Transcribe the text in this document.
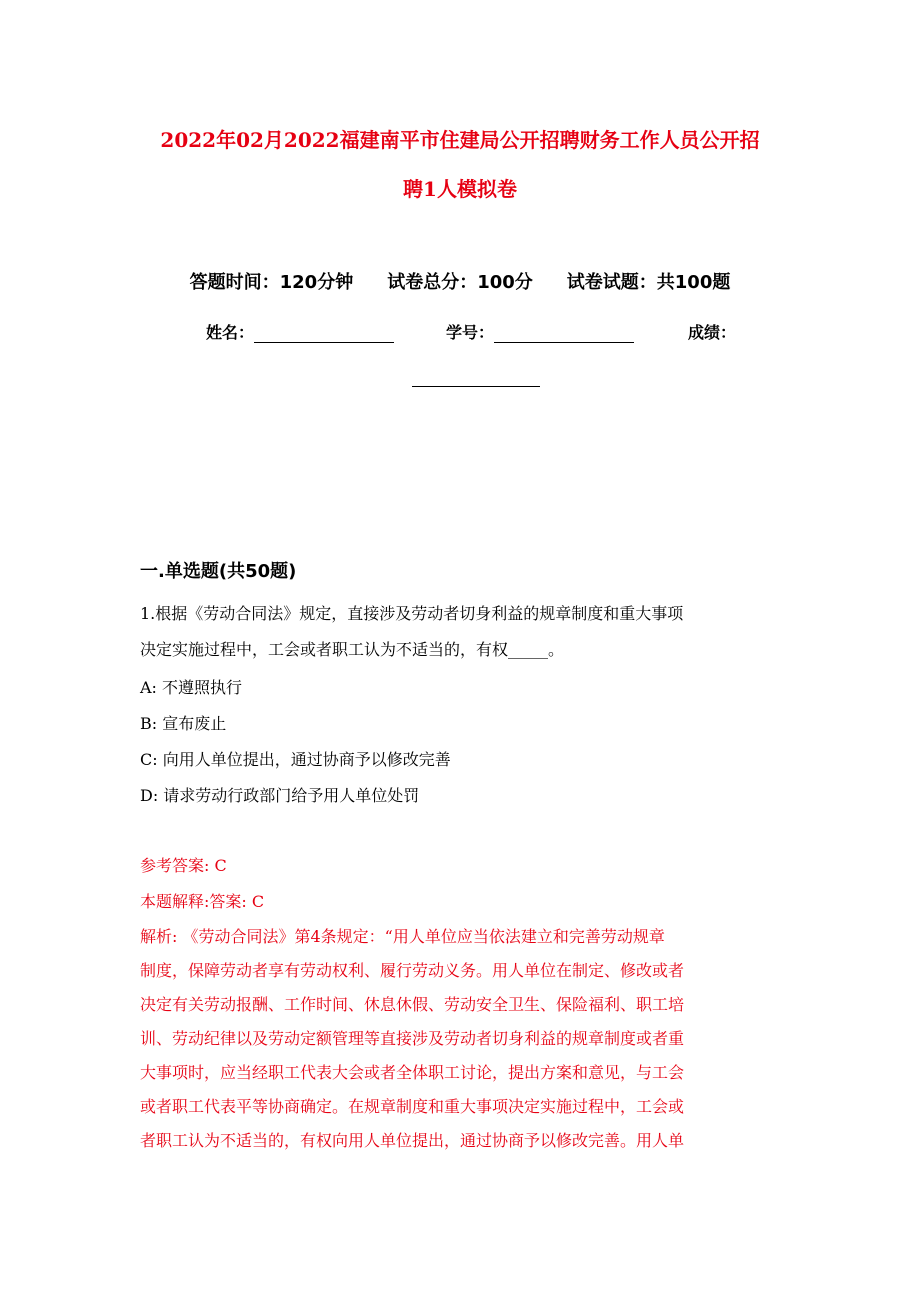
2022年02月2022福建南平市住建局公开招聘财务工作人员公开招
聘1人模拟卷
答题时间：120分钟 试卷总分：100分 试卷试题：共100题
姓名：	学号：	成绩：
一.单选题(共50题)
1.根据《劳动合同法》规定，直接涉及劳动者切身利益的规章制度和重大事项
决定实施过程中，工会或者职工认为不适当的，有权_____。
A: 不遵照执行
B: 宣布废止
C: 向用人单位提出，通过协商予以修改完善
D: 请求劳动行政部门给予用人单位处罚
参考答案: C
本题解释:答案: C
解析: 《劳动合同法》第4条规定：“用人单位应当依法建立和完善劳动规章
制度，保障劳动者享有劳动权利、履行劳动义务。用人单位在制定、修改或者
决定有关劳动报酬、工作时间、休息休假、劳动安全卫生、保险福利、职工培
训、劳动纪律以及劳动定额管理等直接涉及劳动者切身利益的规章制度或者重
大事项时，应当经职工代表大会或者全体职工讨论，提出方案和意见，与工会
或者职工代表平等协商确定。在规章制度和重大事项决定实施过程中，工会或
者职工认为不适当的，有权向用人单位提出，通过协商予以修改完善。用人单
